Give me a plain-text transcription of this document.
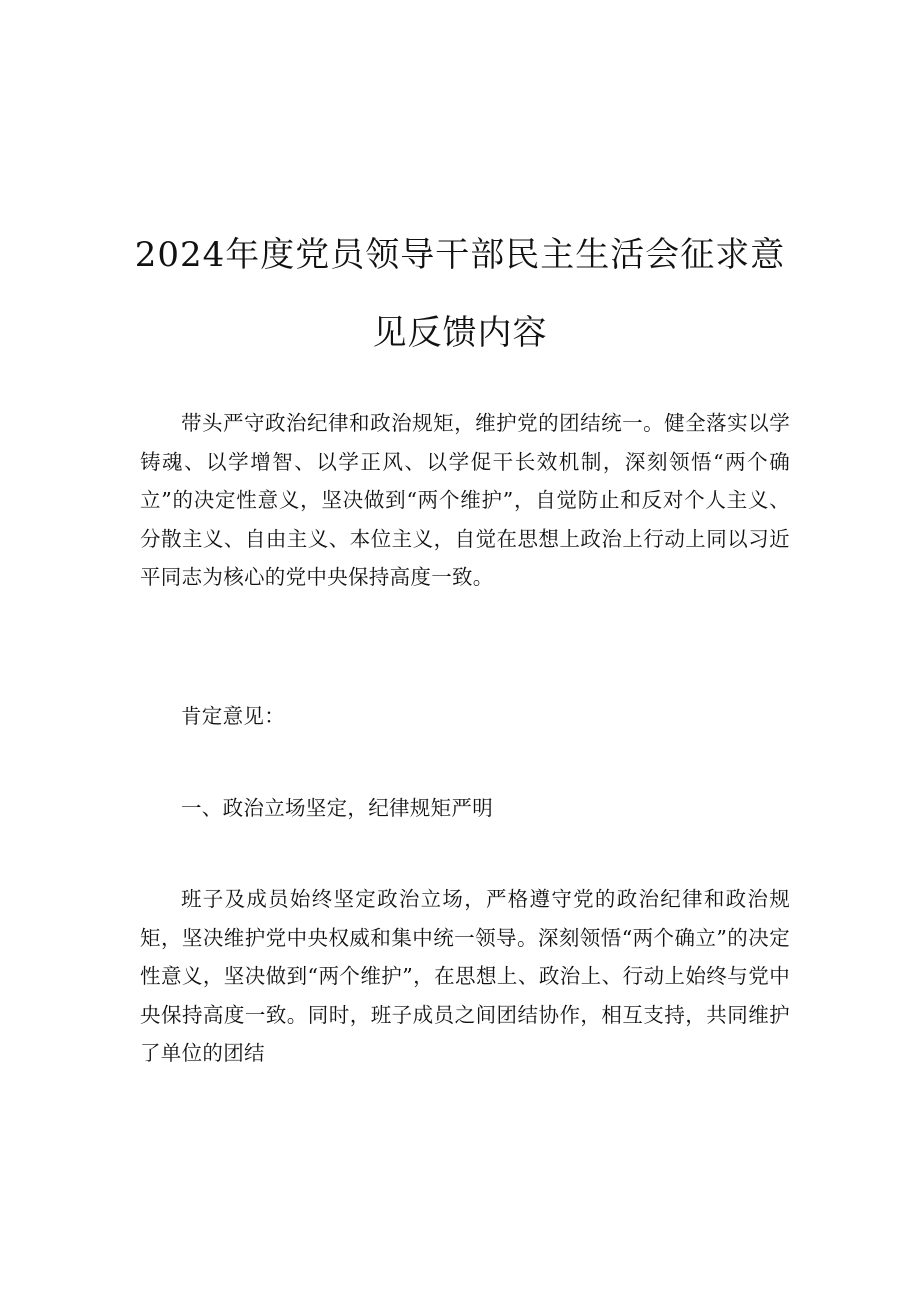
2024年度党员领导干部民主生活会征求意
见反馈内容

带头严守政治纪律和政治规矩，维护党的团结统一。健全落实以学铸魂、以学增智、以学正风、以学促干长效机制，深刻领悟“两个确立”的决定性意义，坚决做到“两个维护”，自觉防止和反对个人主义、分散主义、自由主义、本位主义，自觉在思想上政治上行动上同以习近平同志为核心的党中央保持高度一致。

肯定意见：

一、政治立场坚定，纪律规矩严明

班子及成员始终坚定政治立场，严格遵守党的政治纪律和政治规矩，坚决维护党中央权威和集中统一领导。深刻领悟“两个确立”的决定性意义，坚决做到“两个维护”，在思想上、政治上、行动上始终与党中央保持高度一致。同时，班子成员之间团结协作，相互支持，共同维护了单位的团结
